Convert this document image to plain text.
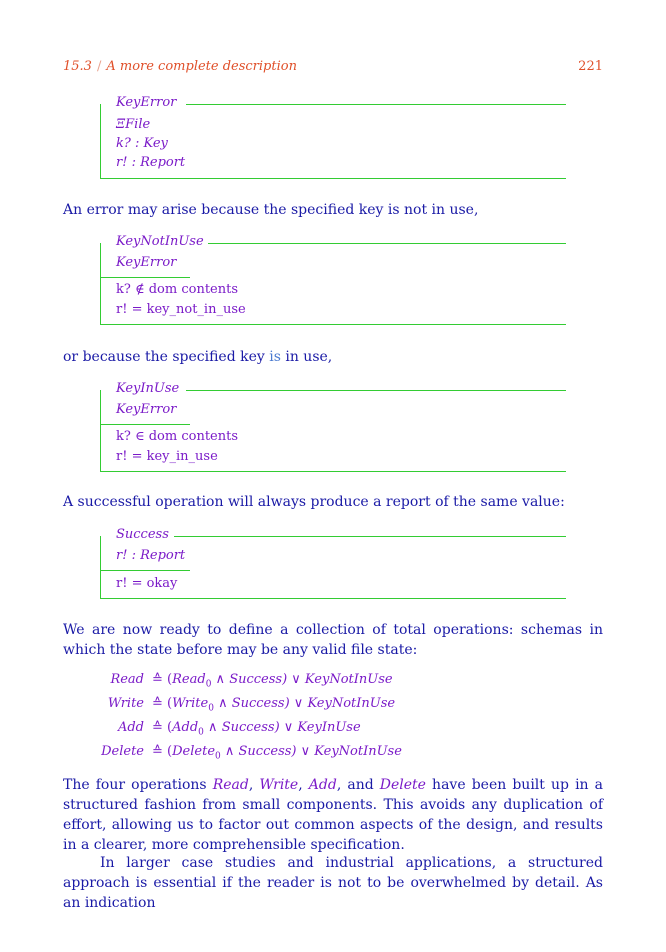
15.3 / A more complete description	221
KeyError
ΞFile
k? : Key
r! : Report
An error may arise because the specified key is not in use,
KeyNotInUse
KeyError
k? ∉ dom contents
r! = key_not_in_use
or because the specified key is in use,
KeyInUse
KeyError
k? ∈ dom contents
r! = key_in_use
A successful operation will always produce a report of the same value:
Success
r! : Report
r! = okay
We are now ready to define a collection of total operations: schemas in which the state before may be any valid file state:
Read ≙ (Read$_0$ ∧ Success) ∨ KeyNotInUse
Write ≙ (Write$_0$ ∧ Success) ∨ KeyNotInUse
Add ≙ (Add$_0$ ∧ Success) ∨ KeyInUse
Delete ≙ (Delete$_0$ ∧ Success) ∨ KeyNotInUse
The four operations Read, Write, Add, and Delete have been built up in a structured fashion from small components. This avoids any duplication of effort, allowing us to factor out common aspects of the design, and results in a clearer, more comprehensible specification.
In larger case studies and industrial applications, a structured approach is essential if the reader is not to be overwhelmed by detail. As an indication
